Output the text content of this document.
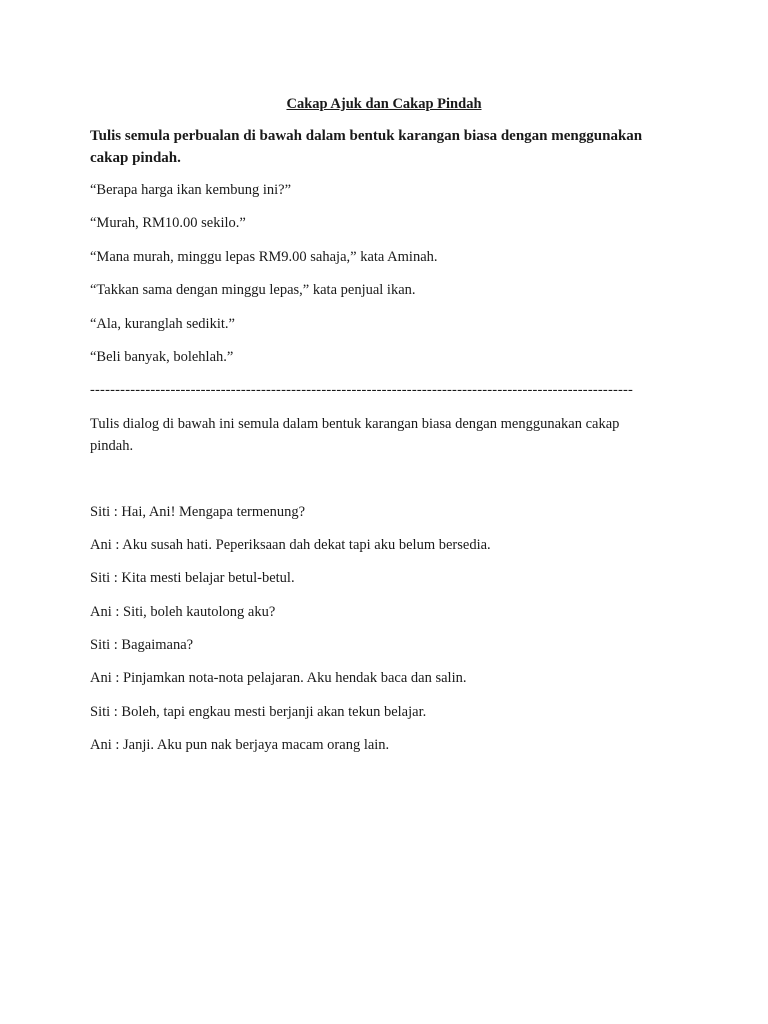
Cakap Ajuk dan Cakap Pindah
Tulis semula perbualan di bawah dalam bentuk karangan biasa dengan menggunakan
cakap pindah.
“Berapa harga ikan kembung ini?”
“Murah, RM10.00 sekilo.”
“Mana murah, minggu lepas RM9.00 sahaja,” kata Aminah.
“Takkan sama dengan minggu lepas,” kata penjual ikan.
“Ala, kuranglah sedikit.”
“Beli banyak, bolehlah.”
------------------------------------------------------------------------------------------------------------
Tulis dialog di bawah ini semula dalam bentuk karangan biasa dengan menggunakan cakap
pindah.
Siti : Hai, Ani! Mengapa termenung?
Ani : Aku susah hati. Peperiksaan dah dekat tapi aku belum bersedia.
Siti : Kita mesti belajar betul-betul.
Ani : Siti, boleh kautolong aku?
Siti : Bagaimana?
Ani : Pinjamkan nota-nota pelajaran. Aku hendak baca dan salin.
Siti : Boleh, tapi engkau mesti berjanji akan tekun belajar.
Ani : Janji. Aku pun nak berjaya macam orang lain.
